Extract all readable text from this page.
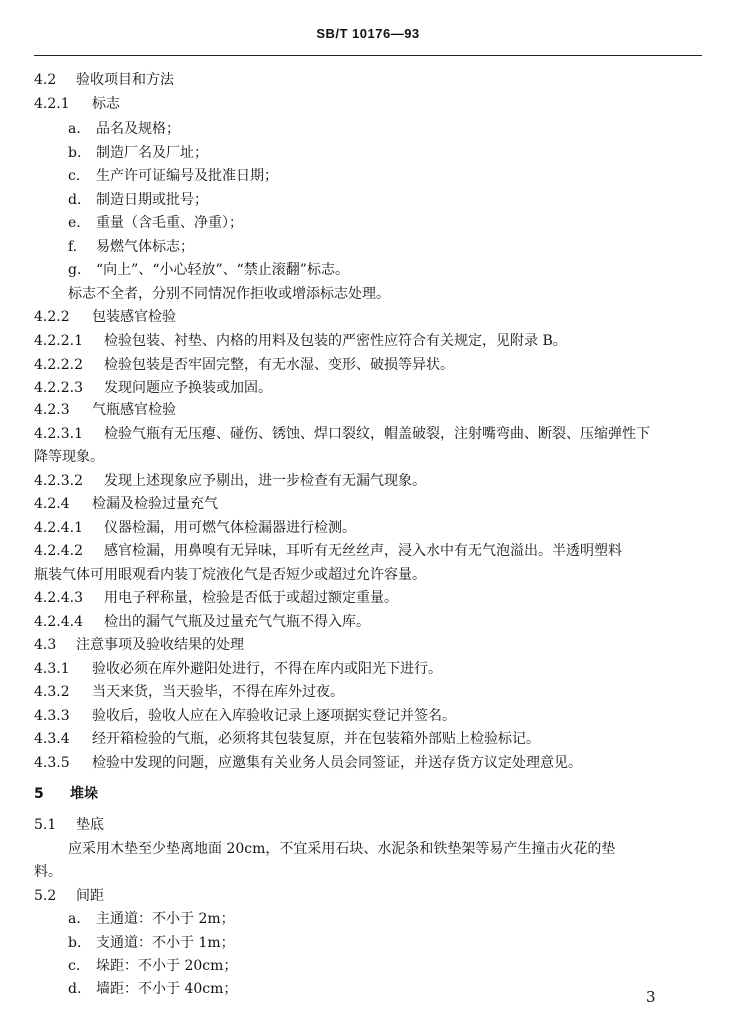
SB/T 10176—93
4.2 验收项目和方法
4.2.1 标志
a. 品名及规格；
b. 制造厂名及厂址；
c. 生产许可证编号及批准日期；
d. 制造日期或批号；
e. 重量（含毛重、净重）；
f. 易燃气体标志；
g. “向上”、“小心轻放”、“禁止滚翻”标志。
标志不全者，分别不同情况作拒收或增添标志处理。
4.2.2 包装感官检验
4.2.2.1 检验包装、衬垫、内格的用料及包装的严密性应符合有关规定，见附录 B。
4.2.2.2 检验包装是否牢固完整，有无水湿、变形、破损等异状。
4.2.2.3 发现问题应予换装或加固。
4.2.3 气瓶感官检验
4.2.3.1 检验气瓶有无压瘪、碰伤、锈蚀、焊口裂纹，帽盖破裂，注射嘴弯曲、断裂、压缩弹性下
降等现象。
4.2.3.2 发现上述现象应予剔出，进一步检查有无漏气现象。
4.2.4 检漏及检验过量充气
4.2.4.1 仪器检漏，用可燃气体检漏器进行检测。
4.2.4.2 感官检漏，用鼻嗅有无异味，耳听有无丝丝声，浸入水中有无气泡溢出。半透明塑料
瓶装气体可用眼观看内装丁烷液化气是否短少或超过允许容量。
4.2.4.3 用电子秤称量，检验是否低于或超过额定重量。
4.2.4.4 检出的漏气气瓶及过量充气气瓶不得入库。
4.3 注意事项及验收结果的处理
4.3.1 验收必须在库外避阳处进行，不得在库内或阳光下进行。
4.3.2 当天来货，当天验毕，不得在库外过夜。
4.3.3 验收后，验收人应在入库验收记录上逐项据实登记并签名。
4.3.4 经开箱检验的气瓶，必须将其包装复原，并在包装箱外部贴上检验标记。
4.3.5 检验中发现的问题，应邀集有关业务人员会同签证，并送存货方议定处理意见。
5 堆垛
5.1 垫底
应采用木垫至少垫离地面 20cm，不宜采用石块、水泥条和铁垫架等易产生撞击火花的垫
料。
5.2 间距
a. 主通道：不小于 2m；
b. 支通道：不小于 1m；
c. 垛距：不小于 20cm；
d. 墙距：不小于 40cm；	3
